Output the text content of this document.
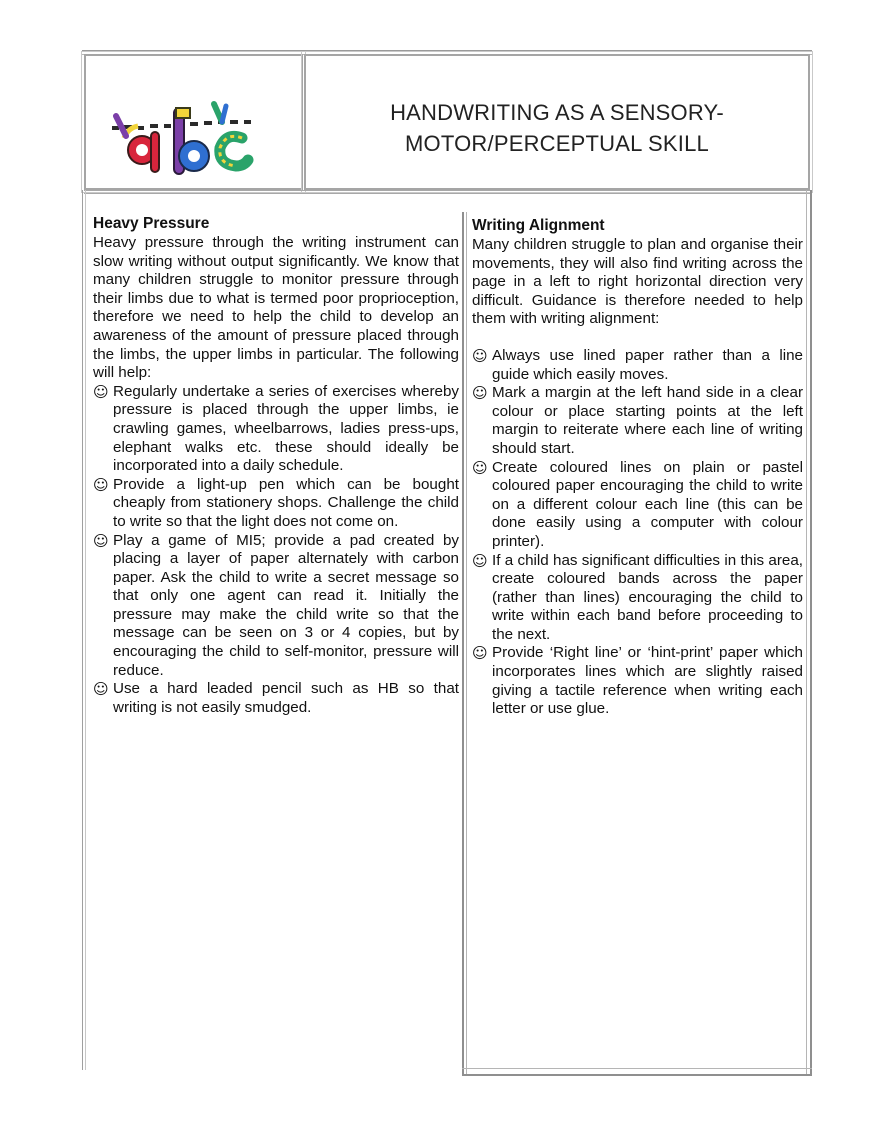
HANDWRITING AS A SENSORY-
MOTOR/PERCEPTUAL SKILL
Heavy Pressure

Heavy pressure through the writing instrument can slow writing without output significantly. We know that many children struggle to monitor pressure through their limbs due to what is termed poor proprioception, therefore we need to help the child to develop an awareness of the amount of pressure placed through the limbs, the upper limbs in particular. The following will help:

☺ Regularly undertake a series of exercises whereby pressure is placed through the upper limbs, ie crawling games, wheelbarrows, ladies press-ups, elephant walks etc. these should ideally be incorporated into a daily schedule.
☺ Provide a light-up pen which can be bought cheaply from stationery shops. Challenge the child to write so that the light does not come on.
☺ Play a game of MI5; provide a pad created by placing a layer of paper alternately with carbon paper. Ask the child to write a secret message so that only one agent can read it. Initially the pressure may make the child write so that the message can be seen on 3 or 4 copies, but by encouraging the child to self-monitor, pressure will reduce.
☺ Use a hard leaded pencil such as HB so that writing is not easily smudged.
Writing Alignment

Many children struggle to plan and organise their movements, they will also find writing across the page in a left to right horizontal direction very difficult. Guidance is therefore needed to help them with writing alignment:

☺ Always use lined paper rather than a line guide which easily moves.
☺ Mark a margin at the left hand side in a clear colour or place starting points at the left margin to reiterate where each line of writing should start.
☺ Create coloured lines on plain or pastel coloured paper encouraging the child to write on a different colour each line (this can be done easily using a computer with colour printer).
☺ If a child has significant difficulties in this area, create coloured bands across the paper (rather than lines) encouraging the child to write within each band before proceeding to the next.
☺ Provide ‘Right line’ or ‘hint-print’ paper which incorporates lines which are slightly raised giving a tactile reference when writing each letter or use glue.
